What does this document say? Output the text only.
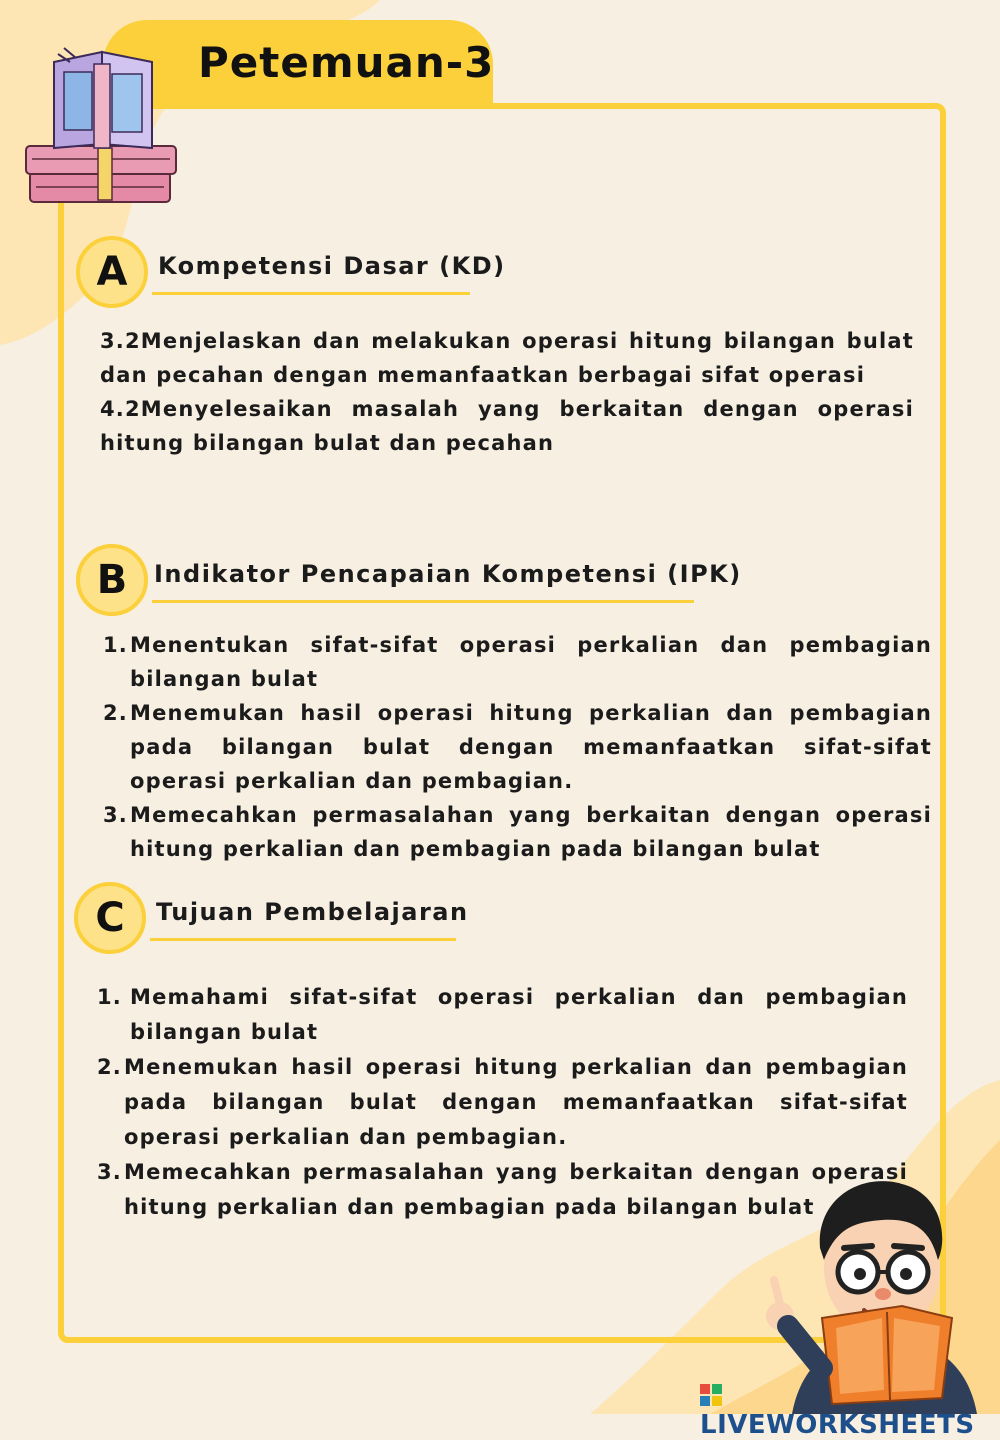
Petemuan-3
A	Kompetensi Dasar (KD)
3.2Menjelaskan dan melakukan operasi hitung bilangan bulat dan pecahan dengan memanfaatkan berbagai sifat operasi
4.2Menyelesaikan masalah yang berkaitan dengan operasi hitung bilangan bulat dan pecahan
B	Indikator Pencapaian Kompetensi (IPK)
1. Menentukan sifat-sifat operasi perkalian dan pembagian bilangan bulat
2. Menemukan hasil operasi hitung perkalian dan pembagian pada bilangan bulat dengan memanfaatkan sifat-sifat operasi perkalian dan pembagian.
3. Memecahkan permasalahan yang berkaitan dengan operasi hitung perkalian dan pembagian pada bilangan bulat
C	Tujuan Pembelajaran
1. Memahami sifat-sifat operasi perkalian dan pembagian bilangan bulat
2. Menemukan hasil operasi hitung perkalian dan pembagian pada bilangan bulat dengan memanfaatkan sifat-sifat operasi perkalian dan pembagian.
3. Memecahkan permasalahan yang berkaitan dengan operasi hitung perkalian dan pembagian pada bilangan bulat
LIVEWORKSHEETS
